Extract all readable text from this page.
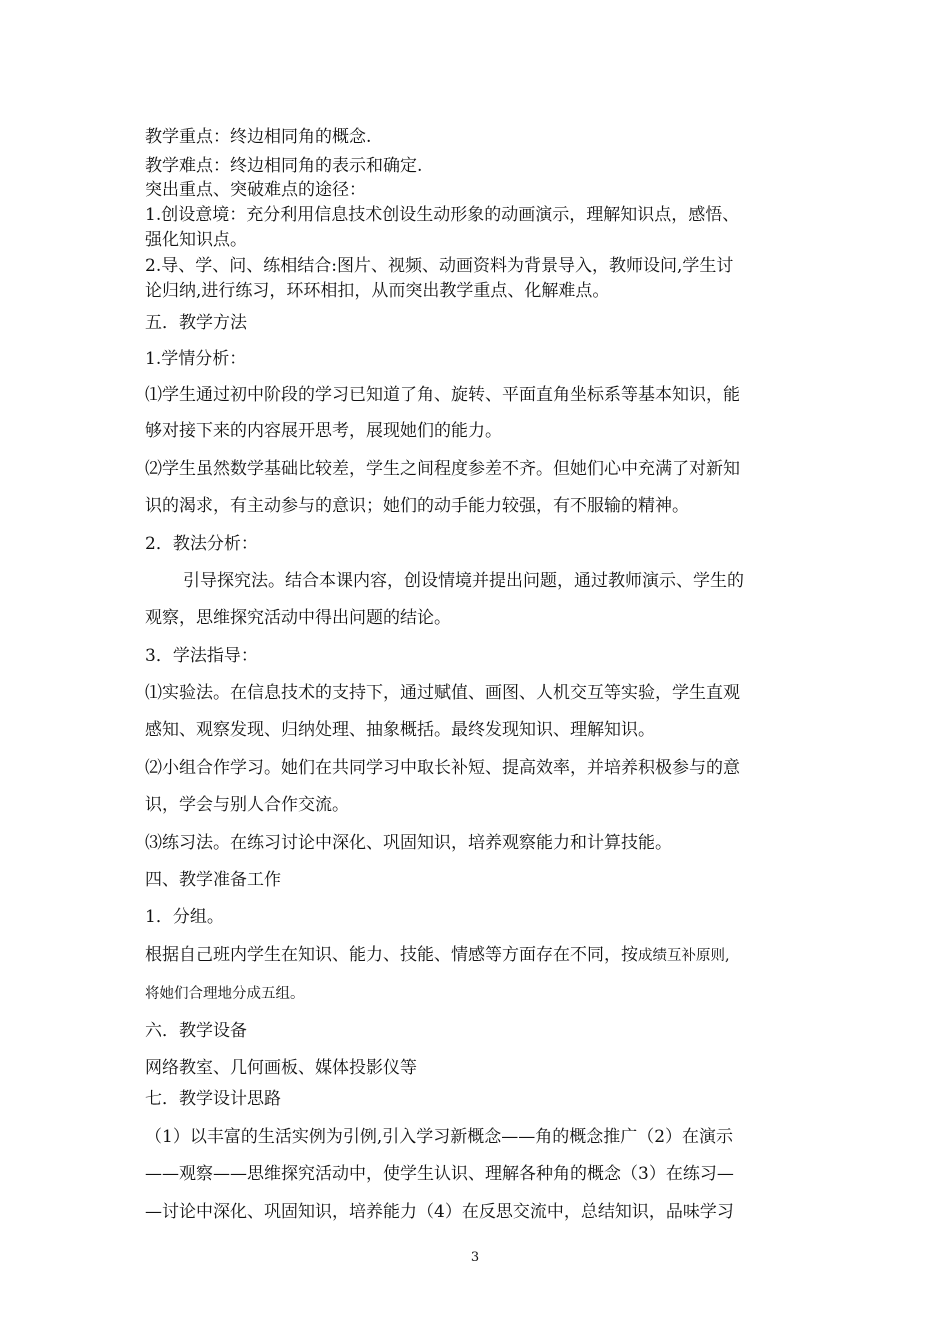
教学重点：终边相同角的概念.

教学难点：终边相同角的表示和确定.

突出重点、突破难点的途径：

1.创设意境：充分利用信息技术创设生动形象的动画演示，理解知识点，感悟、

强化知识点。

2.导、学、问、练相结合:图片、视频、动画资料为背景导入，教师设问,学生讨

论归纳,进行练习，环环相扣，从而突出教学重点、化解难点。

五．教学方法

1.学情分析：

⑴学生通过初中阶段的学习已知道了角、旋转、平面直角坐标系等基本知识，能

够对接下来的内容展开思考，展现她们的能力。

⑵学生虽然数学基础比较差，学生之间程度参差不齐。但她们心中充满了对新知

识的渴求，有主动参与的意识；她们的动手能力较强，有不服输的精神。

2．教法分析：

引导探究法。结合本课内容，创设情境并提出问题，通过教师演示、学生的

观察，思维探究活动中得出问题的结论。

3．学法指导：

⑴实验法。在信息技术的支持下，通过赋值、画图、人机交互等实验，学生直观

感知、观察发现、归纳处理、抽象概括。最终发现知识、理解知识。

⑵小组合作学习。她们在共同学习中取长补短、提高效率，并培养积极参与的意

识，学会与别人合作交流。

⑶练习法。在练习讨论中深化、巩固知识，培养观察能力和计算技能。

四、教学准备工作

1．分组。

根据自己班内学生在知识、能力、技能、情感等方面存在不同，按成绩互补原则,

将她们合理地分成五组。

六．教学设备

网络教室、几何画板、媒体投影仪等

七．教学设计思路

（1）以丰富的生活实例为引例,引入学习新概念——角的概念推广（2）在演示

——观察——思维探究活动中，使学生认识、理解各种角的概念（3）在练习—

—讨论中深化、巩固知识，培养能力（4）在反思交流中，总结知识，品味学习

3
